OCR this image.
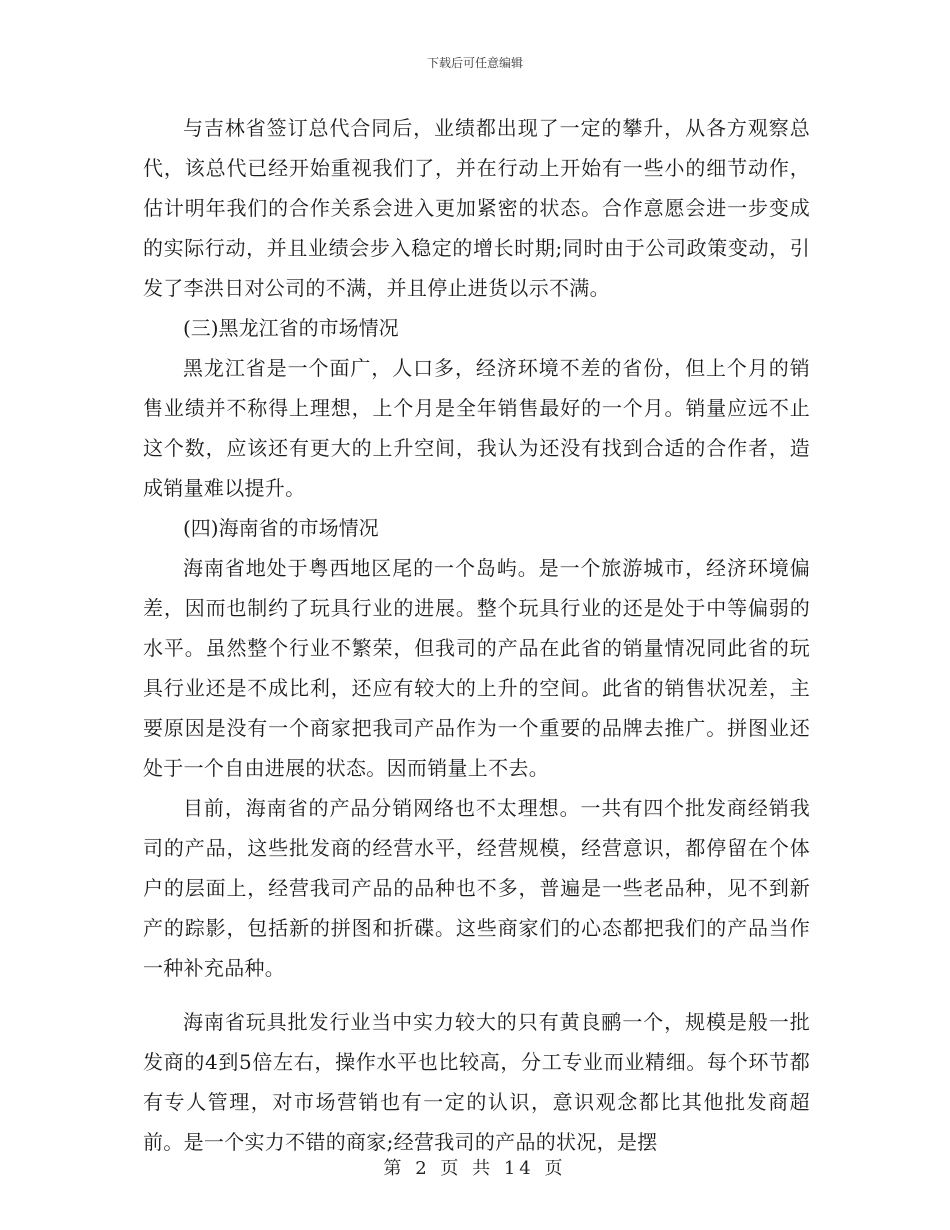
下载后可任意编辑

与吉林省签订总代合同后，业绩都出现了一定的攀升，从各方观察总代，该总代已经开始重视我们了，并在行动上开始有一些小的细节动作，估计明年我们的合作关系会进入更加紧密的状态。合作意愿会进一步变成的实际行动，并且业绩会步入稳定的增长时期;同时由于公司政策变动，引发了李洪日对公司的不满，并且停止进货以示不满。

(三)黑龙江省的市场情况

黑龙江省是一个面广，人口多，经济环境不差的省份，但上个月的销售业绩并不称得上理想，上个月是全年销售最好的一个月。销量应远不止这个数，应该还有更大的上升空间，我认为还没有找到合适的合作者，造成销量难以提升。

(四)海南省的市场情况

海南省地处于粤西地区尾的一个岛屿。是一个旅游城市，经济环境偏差，因而也制约了玩具行业的进展。整个玩具行业的还是处于中等偏弱的水平。虽然整个行业不繁荣，但我司的产品在此省的销量情况同此省的玩具行业还是不成比利，还应有较大的上升的空间。此省的销售状况差，主要原因是没有一个商家把我司产品作为一个重要的品牌去推广。拼图业还处于一个自由进展的状态。因而销量上不去。

目前，海南省的产品分销网络也不太理想。一共有四个批发商经销我司的产品，这些批发商的经营水平，经营规模，经营意识，都停留在个体户的层面上，经营我司产品的品种也不多，普遍是一些老品种，见不到新产的踪影，包括新的拼图和折碟。这些商家们的心态都把我们的产品当作一种补充品种。

海南省玩具批发行业当中实力较大的只有黄良鹂一个，规模是般一批发商的4到5倍左右，操作水平也比较高，分工专业而业精细。每个环节都有专人管理，对市场营销也有一定的认识，意识观念都比其他批发商超前。是一个实力不错的商家;经营我司的产品的状况，是摆

第 2 页 共 14 页
